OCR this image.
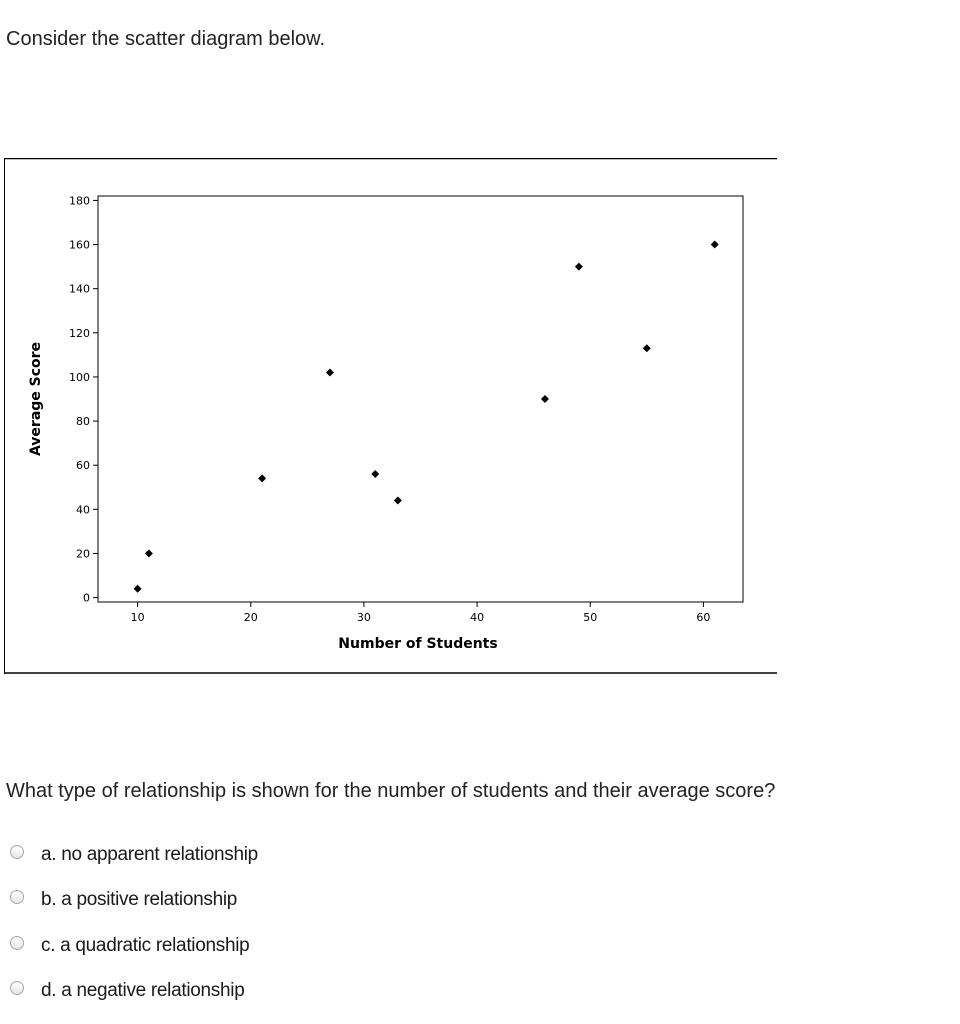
Consider the scatter diagram below.
0
20
40
60
80
100
120
140
160
180
10	20	30	40	50	60
Number of Students
Average Score

What type of relationship is shown for the number of students and their average score?

a. no apparent relationship
b. a positive relationship
c. a quadratic relationship
d. a negative relationship
